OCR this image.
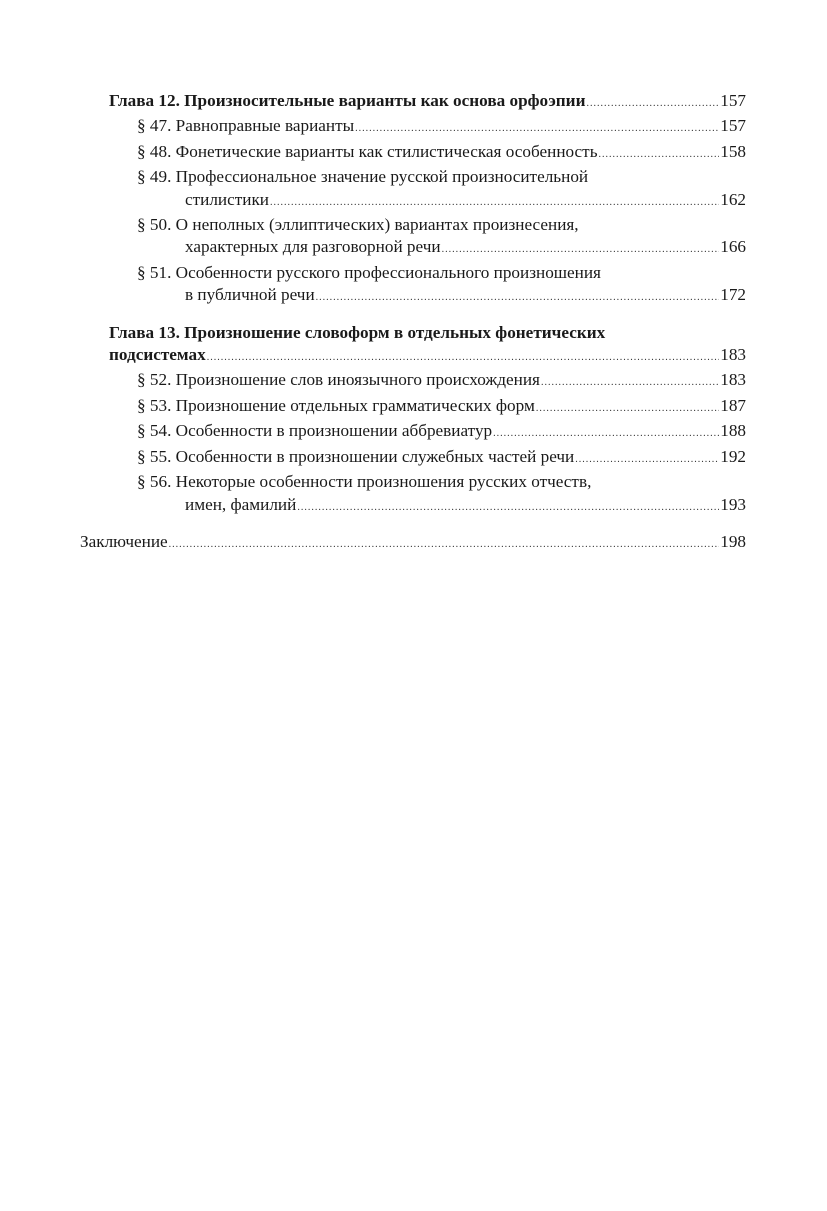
Глава 12. Произносительные варианты как основа орфоэпии .....	157
§ 47. Равноправные варианты .....	157
§ 48. Фонетические варианты как стилистическая особенность .....	158
§ 49. Профессиональное значение русской произносительной
стилистики .....	162
§ 50. О неполных (эллиптических) вариантах произнесения,
характерных для разговорной речи .....	166
§ 51. Особенности русского профессионального произношения
в публичной речи .....	172
Глава 13. Произношение словоформ в отдельных фонетических
подсистемах .....	183
§ 52. Произношение слов иноязычного происхождения .....	183
§ 53. Произношение отдельных грамматических форм .....	187
§ 54. Особенности в произношении аббревиатур .....	188
§ 55. Особенности в произношении служебных частей речи .....	192
§ 56. Некоторые особенности произношения русских отчеств,
имен, фамилий .....	193
Заключение .....	198
